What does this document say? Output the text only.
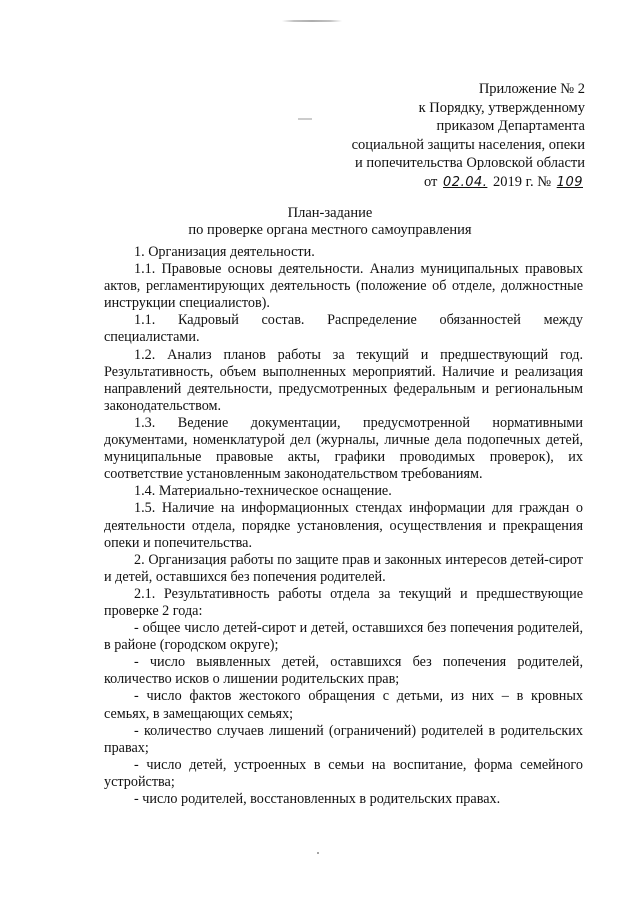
Приложение № 2
к Порядку, утвержденному
приказом Департамента
социальной защиты населения, опеки
и попечительства Орловской области
от 02.04. 2019 г. № 109
План-задание
по проверке органа местного самоуправления

1. Организация деятельности.

1.1. Правовые основы деятельности. Анализ муниципальных правовых актов, регламентирующих деятельность (положение об отделе, должностные инструкции специалистов).

1.1. Кадровый состав. Распределение обязанностей между специалистами.

1.2. Анализ планов работы за текущий и предшествующий год. Результативность, объем выполненных мероприятий. Наличие и реализация направлений деятельности, предусмотренных федеральным и региональным законодательством.

1.3. Ведение документации, предусмотренной нормативными документами, номенклатурой дел (журналы, личные дела подопечных детей, муниципальные правовые акты, графики проводимых проверок), их соответствие установленным законодательством требованиям.

1.4. Материально-техническое оснащение.

1.5. Наличие на информационных стендах информации для граждан о деятельности отдела, порядке установления, осуществления и прекращения опеки и попечительства.

2. Организация работы по защите прав и законных интересов детей-сирот и детей, оставшихся без попечения родителей.

2.1. Результативность работы отдела за текущий и предшествующие проверке 2 года:

- общее число детей-сирот и детей, оставшихся без попечения родителей, в районе (городском округе);

- число выявленных детей, оставшихся без попечения родителей, количество исков о лишении родительских прав;

- число фактов жестокого обращения с детьми, из них – в кровных семьях, в замещающих семьях;

- количество случаев лишений (ограничений) родителей в родительских правах;

- число детей, устроенных в семьи на воспитание, форма семейного устройства;

- число родителей, восстановленных в родительских правах.
